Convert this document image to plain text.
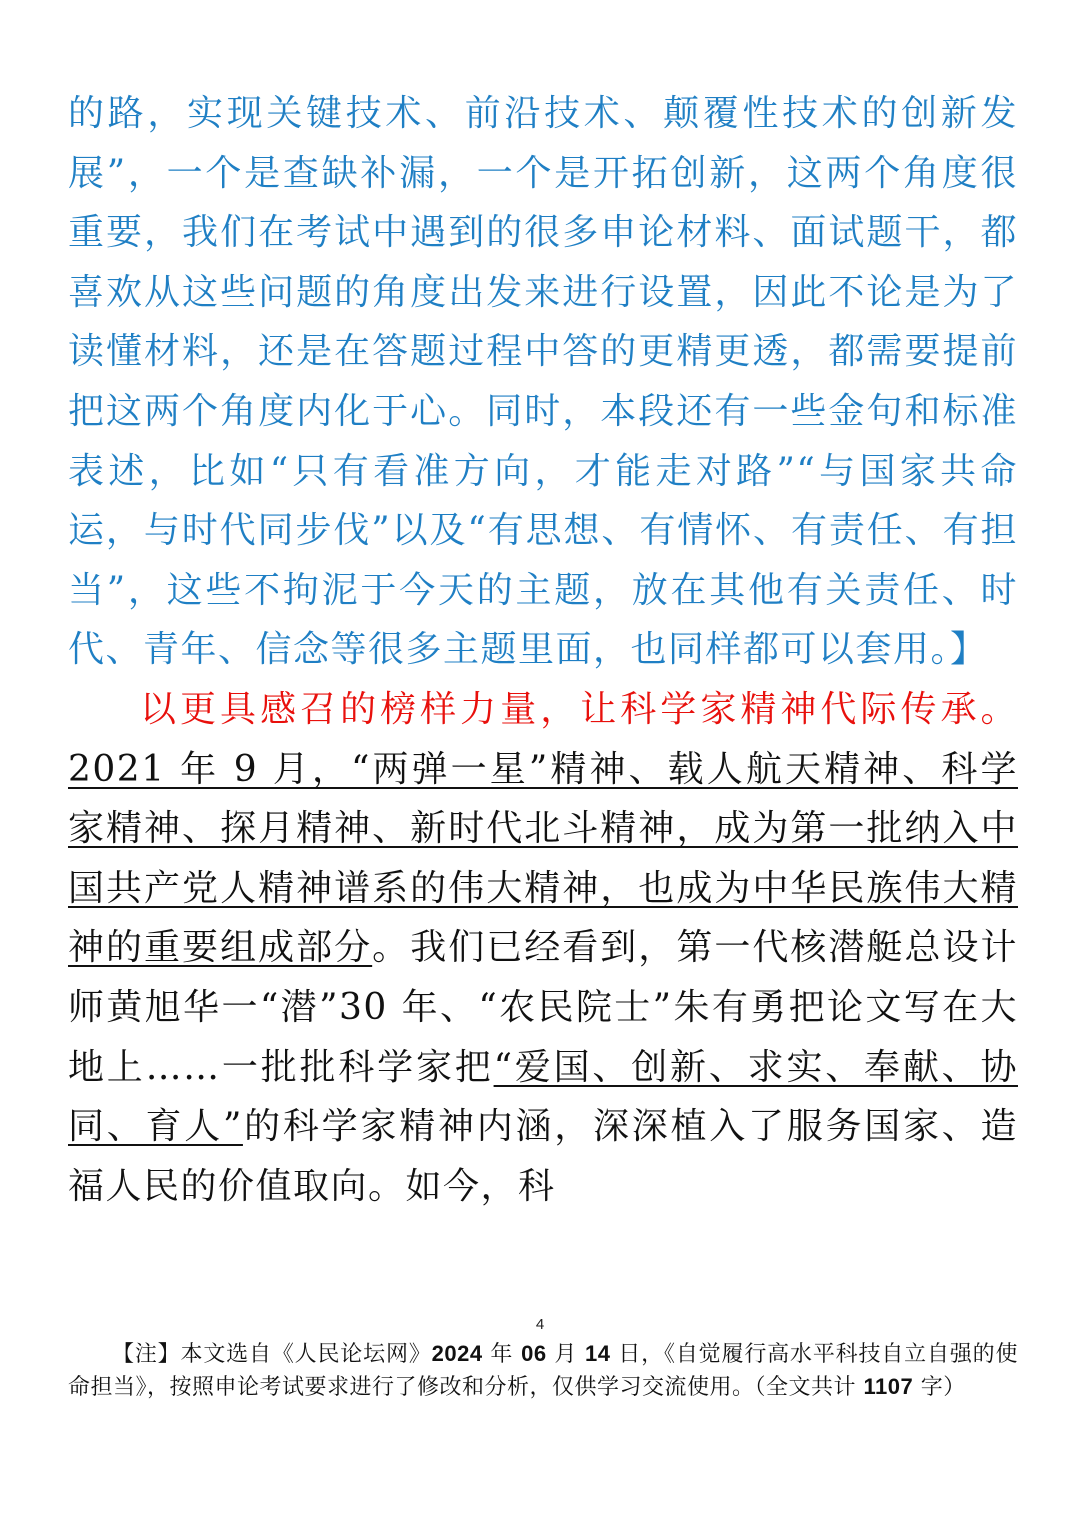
的路，实现关键技术、前沿技术、颠覆性技术的创新发展”，一个是查缺补漏，一个是开拓创新，这两个角度很重要，我们在考试中遇到的很多申论材料、面试题干，都喜欢从这些问题的角度出发来进行设置，因此不论是为了读懂材料，还是在答题过程中答的更精更透，都需要提前把这两个角度内化于心。同时，本段还有一些金句和标准表述，比如“只有看准方向，才能走对路”“与国家共命运，与时代同步伐”以及“有思想、有情怀、有责任、有担当”，这些不拘泥于今天的主题，放在其他有关责任、时代、青年、信念等很多主题里面，也同样都可以套用。】

以更具感召的榜样力量，让科学家精神代际传承。2021 年 9 月，“两弹一星”精神、载人航天精神、科学家精神、探月精神、新时代北斗精神，成为第一批纳入中国共产党人精神谱系的伟大精神，也成为中华民族伟大精神的重要组成部分。我们已经看到，第一代核潜艇总设计师黄旭华一“潜”30 年、“农民院士”朱有勇把论文写在大地上……一批批科学家把“爱国、创新、求实、奉献、协同、育人”的科学家精神内涵，深深植入了服务国家、造福人民的价值取向。如今，科

4
【注】本文选自《人民论坛网》2024 年 06 月 14 日，《自觉履行高水平科技自立自强的使命担当》，按照申论考试要求进行了修改和分析，仅供学习交流使用。（全文共计 1107 字）
